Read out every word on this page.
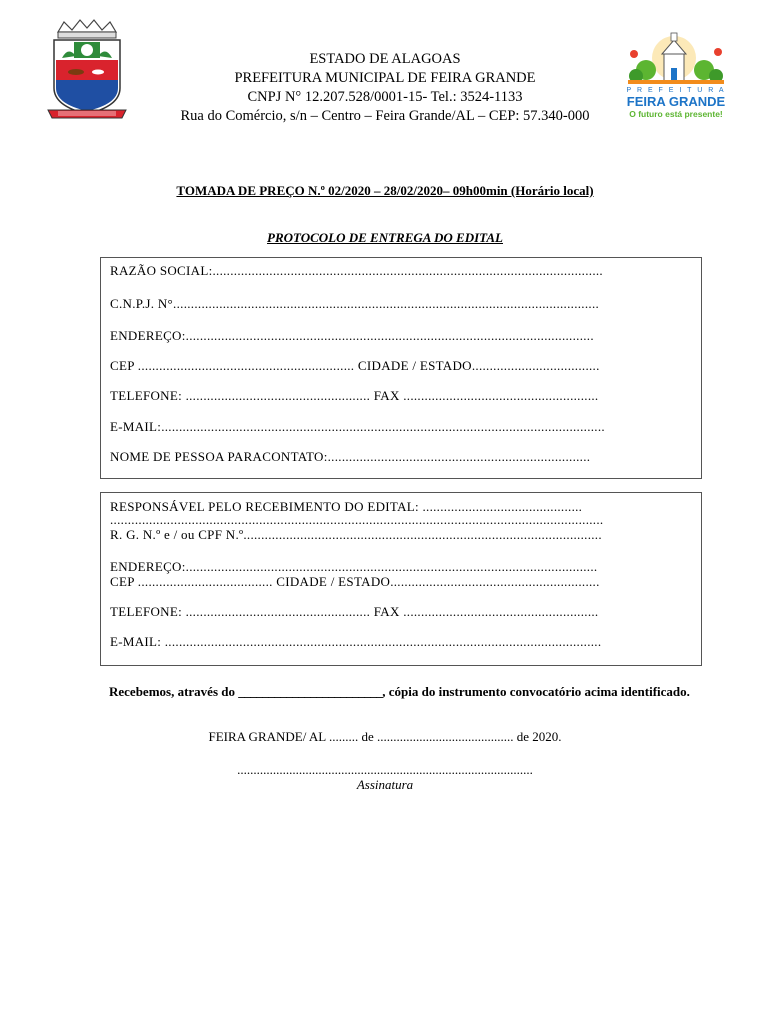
ESTADO DE ALAGOAS
PREFEITURA MUNICIPAL DE FEIRA GRANDE
CNPJ N° 12.207.528/0001-15- Tel.: 3524-1133
Rua do Comércio, s/n – Centro – Feira Grande/AL – CEP: 57.340-000
P R E F E I T U R A
FEIRA GRANDE
O futuro está presente!
TOMADA DE PREÇO N.º 02/2020 – 28/02/2020– 09h00min (Horário local)
PROTOCOLO DE ENTREGA DO EDITAL
RAZÃO SOCIAL:..............................................................................................................
C.N.P.J. N°........................................................................................................................
ENDEREÇO:...................................................................................................................
CEP ............................................................. CIDADE / ESTADO....................................
TELEFONE: .................................................... FAX .......................................................
E-MAIL:.............................................................................................................................
NOME DE PESSOA PARACONTATO:..........................................................................
RESPONSÁVEL PELO RECEBIMENTO DO EDITAL: .............................................
...........................................................................................................................................
R. G. N.º e / ou CPF N.º.....................................................................................................
ENDEREÇO:....................................................................................................................
CEP ...................................... CIDADE / ESTADO...........................................................
TELEFONE: .................................................... FAX .......................................................
E-MAIL: ...........................................................................................................................
Recebemos, através do ________________________, cópia do instrumento convocatório acima identificado.
FEIRA GRANDE/ AL ......... de .......................................... de 2020.
...........................................................................................
Assinatura
